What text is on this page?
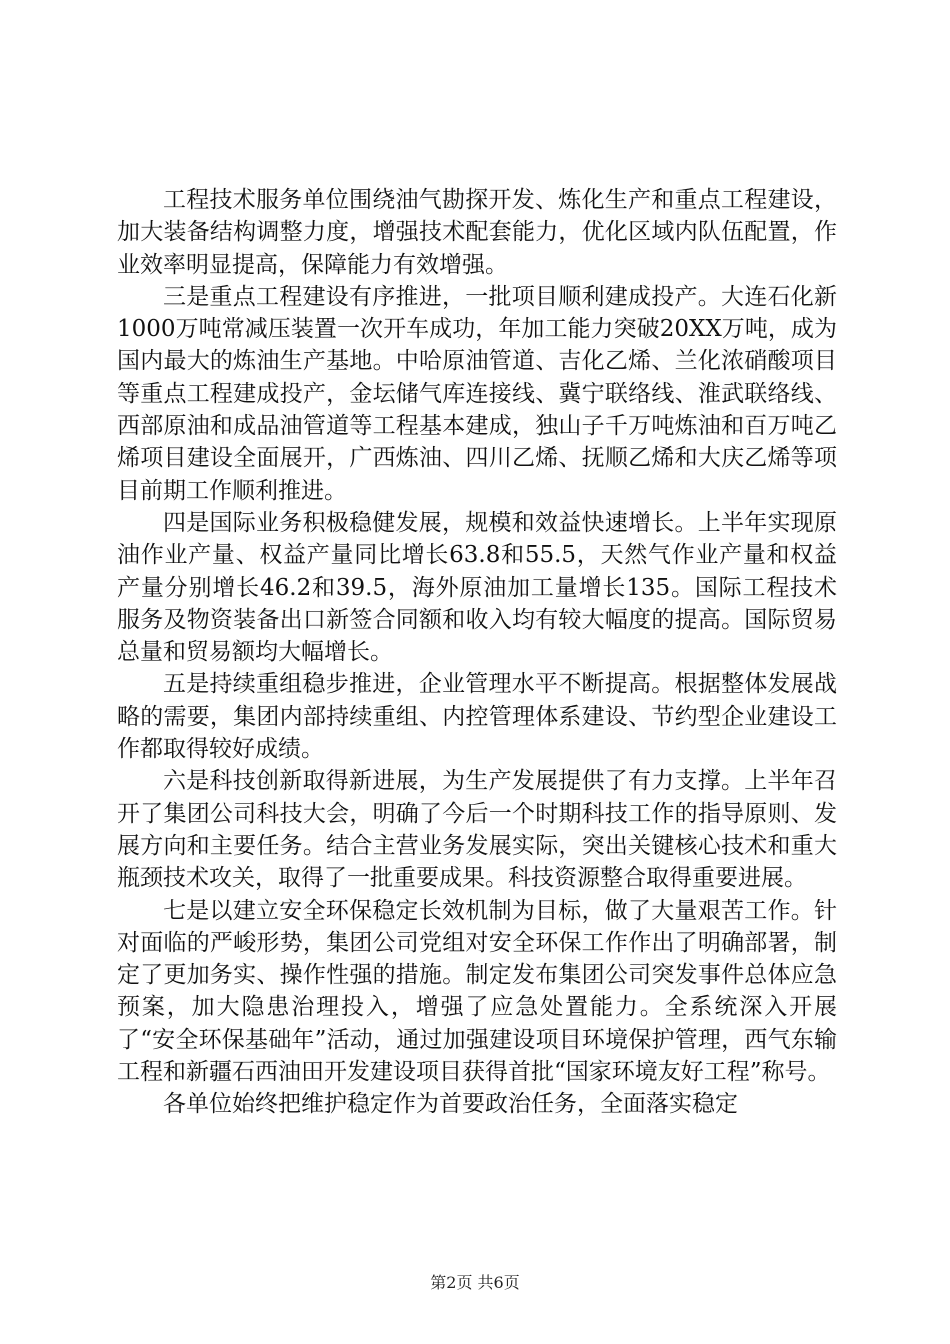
工程技术服务单位围绕油气勘探开发、炼化生产和重点工程建设，加大装备结构调整力度，增强技术配套能力，优化区域内队伍配置，作业效率明显提高，保障能力有效增强。

三是重点工程建设有序推进，一批项目顺利建成投产。大连石化新1000万吨常减压装置一次开车成功，年加工能力突破20XX万吨，成为国内最大的炼油生产基地。中哈原油管道、吉化乙烯、兰化浓硝酸项目等重点工程建成投产，金坛储气库连接线、冀宁联络线、淮武联络线、西部原油和成品油管道等工程基本建成，独山子千万吨炼油和百万吨乙烯项目建设全面展开，广西炼油、四川乙烯、抚顺乙烯和大庆乙烯等项目前期工作顺利推进。

四是国际业务积极稳健发展，规模和效益快速增长。上半年实现原油作业产量、权益产量同比增长63.8和55.5，天然气作业产量和权益产量分别增长46.2和39.5，海外原油加工量增长135。国际工程技术服务及物资装备出口新签合同额和收入均有较大幅度的提高。国际贸易总量和贸易额均大幅增长。

五是持续重组稳步推进，企业管理水平不断提高。根据整体发展战略的需要，集团内部持续重组、内控管理体系建设、节约型企业建设工作都取得较好成绩。

六是科技创新取得新进展，为生产发展提供了有力支撑。上半年召开了集团公司科技大会，明确了今后一个时期科技工作的指导原则、发展方向和主要任务。结合主营业务发展实际，突出关键核心技术和重大瓶颈技术攻关，取得了一批重要成果。科技资源整合取得重要进展。

七是以建立安全环保稳定长效机制为目标，做了大量艰苦工作。针对面临的严峻形势，集团公司党组对安全环保工作作出了明确部署，制定了更加务实、操作性强的措施。制定发布集团公司突发事件总体应急预案，加大隐患治理投入，增强了应急处置能力。全系统深入开展了“安全环保基础年”活动，通过加强建设项目环境保护管理，西气东输工程和新疆石西油田开发建设项目获得首批“国家环境友好工程”称号。

各单位始终把维护稳定作为首要政治任务，全面落实稳定

第2页 共6页
